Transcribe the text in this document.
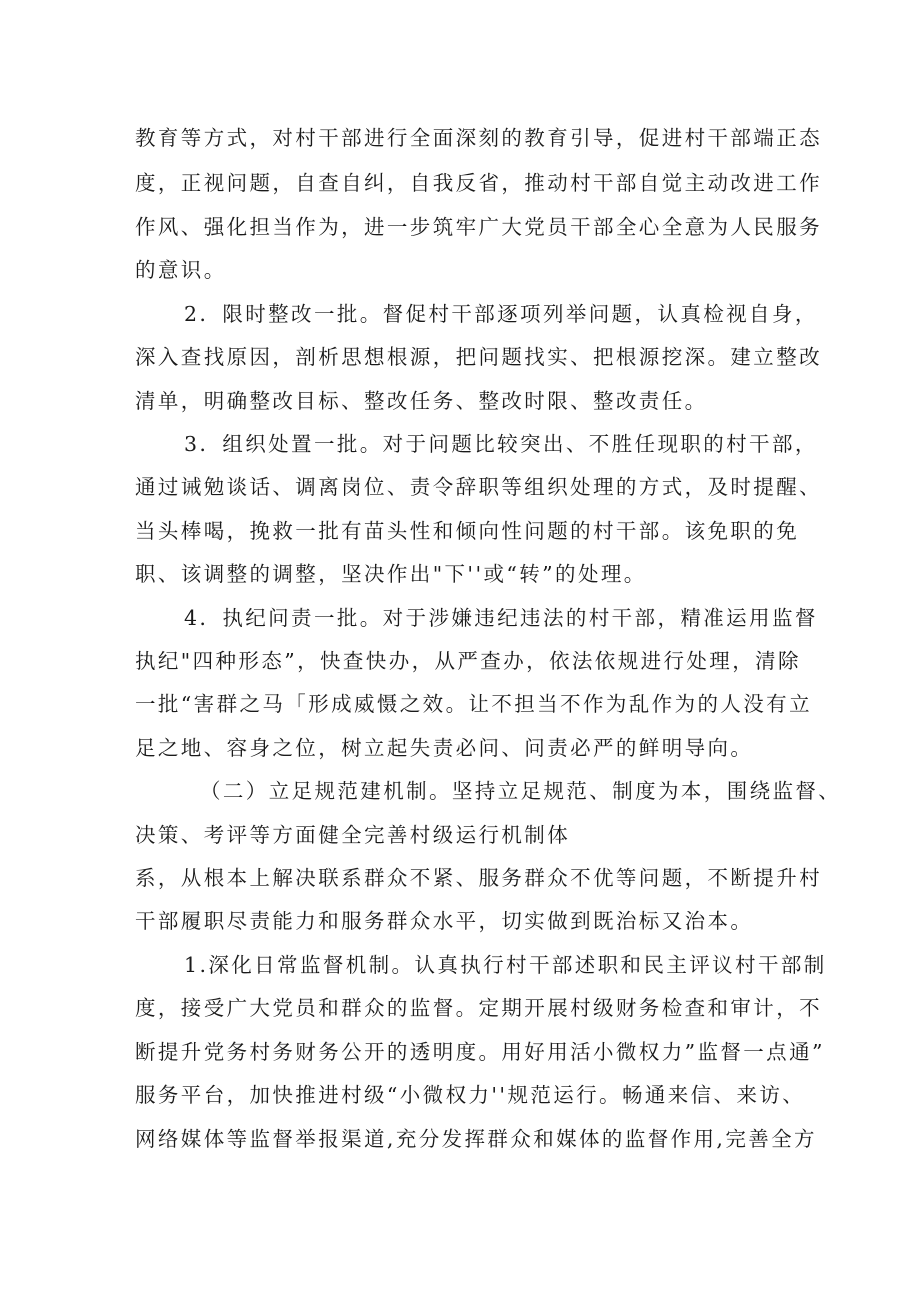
教育等方式，对村干部进行全面深刻的教育引导，促进村干部端正态
度，正视问题，自查自纠，自我反省，推动村干部自觉主动改进工作
作风、强化担当作为，进一步筑牢广大党员干部全心全意为人民服务
的意识。
2．限时整改一批。督促村干部逐项列举问题，认真检视自身，
深入查找原因，剖析思想根源，把问题找实、把根源挖深。建立整改
清单，明确整改目标、整改任务、整改时限、整改责任。
3．组织处置一批。对于问题比较突出、不胜任现职的村干部，
通过诫勉谈话、调离岗位、责令辞职等组织处理的方式，及时提醒、
当头棒喝，挽救一批有苗头性和倾向性问题的村干部。该免职的免
职、该调整的调整，坚决作出"下''或“转”的处理。
4．执纪问责一批。对于涉嫌违纪违法的村干部，精准运用监督
执纪"四种形态”，快查快办，从严查办，依法依规进行处理，清除
一批“害群之马「形成威慑之效。让不担当不作为乱作为的人没有立
足之地、容身之位，树立起失责必问、问责必严的鲜明导向。
（二）立足规范建机制。坚持立足规范、制度为本，围绕监督、
决策、考评等方面健全完善村级运行机制体
系，从根本上解决联系群众不紧、服务群众不优等问题，不断提升村
干部履职尽责能力和服务群众水平，切实做到既治标又治本。
1.深化日常监督机制。认真执行村干部述职和民主评议村干部制
度，接受广大党员和群众的监督。定期开展村级财务检查和审计，不
断提升党务村务财务公开的透明度。用好用活小微权力”监督一点通”
服务平台，加快推进村级“小微权力''规范运行。畅通来信、来访、
网络媒体等监督举报渠道,充分发挥群众和媒体的监督作用,完善全方
